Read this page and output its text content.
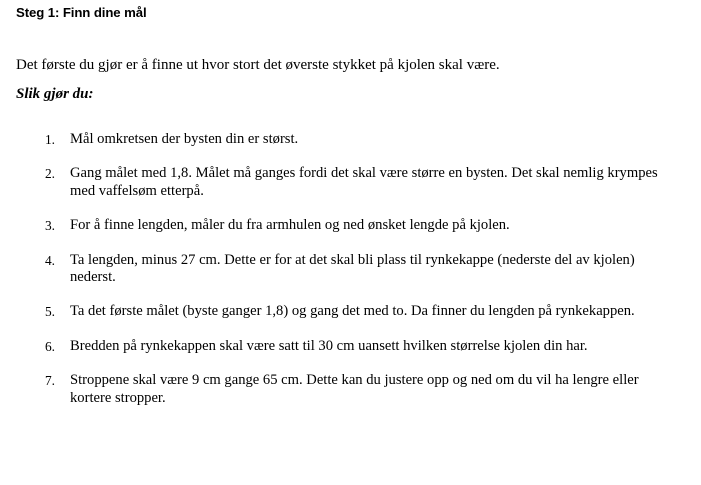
Steg 1: Finn dine mål

Det første du gjør er å finne ut hvor stort det øverste stykket på kjolen skal være.

Slik gjør du:
1. Mål omkretsen der bysten din er størst.
2. Gang målet med 1,8. Målet må ganges fordi det skal være større en bysten. Det skal nemlig krympes med vaffelsøm etterpå.
3. For å finne lengden, måler du fra armhulen og ned ønsket lengde på kjolen.
4. Ta lengden, minus 27 cm. Dette er for at det skal bli plass til rynkekappe (nederste del av kjolen) nederst.
5. Ta det første målet (byste ganger 1,8) og gang det med to. Da finner du lengden på rynkekappen.
6. Bredden på rynkekappen skal være satt til 30 cm uansett hvilken størrelse kjolen din har.
7. Stroppene skal være 9 cm gange 65 cm. Dette kan du justere opp og ned om du vil ha lengre eller kortere stropper.
